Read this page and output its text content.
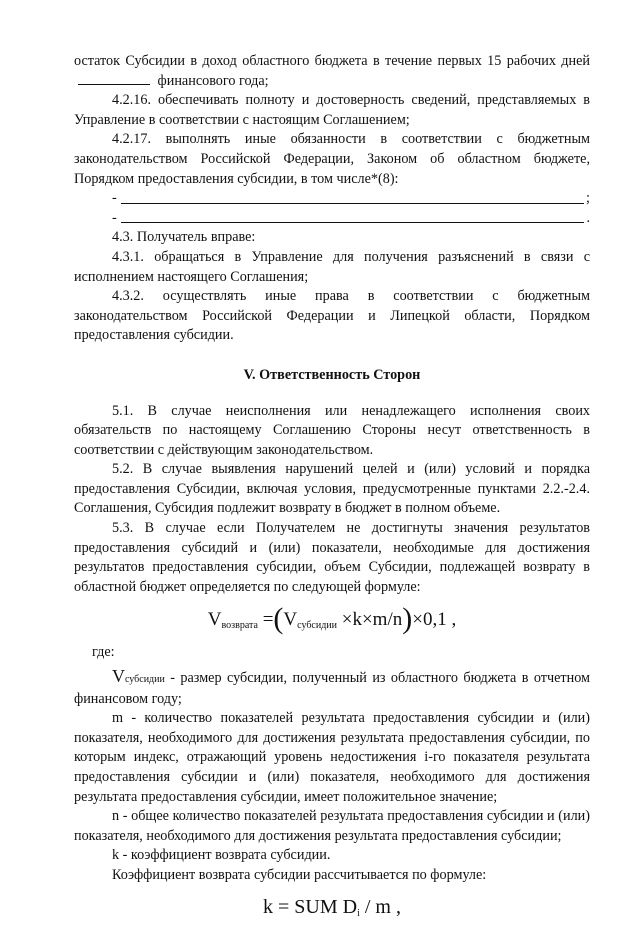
остаток Субсидии в доход областного бюджета в течение первых 15 рабочих дней  финансового года;

4.2.16. обеспечивать полноту и достоверность сведений, представляемых в Управление в соответствии с настоящим Соглашением;

4.2.17. выполнять иные обязанности в соответствии с бюджетным законодательством Российской Федерации, Законом об областном бюджете, Порядком предоставления субсидии, в том числе*(8):

-	;
-	.

4.3. Получатель вправе:

4.3.1. обращаться в Управление для получения разъяснений в связи с исполнением настоящего Соглашения;

4.3.2. осуществлять иные права в соответствии с бюджетным законодательством Российской Федерации и Липецкой области, Порядком предоставления субсидии.

V. Ответственность Сторон

5.1. В случае неисполнения или ненадлежащего исполнения своих обязательств по настоящему Соглашению Стороны несут ответственность в соответствии с действующим законодательством.

5.2. В случае выявления нарушений целей и (или) условий и порядка предоставления Субсидии, включая условия, предусмотренные пунктами 2.2.-2.4. Соглашения, Субсидия подлежит возврату в бюджет в полном объеме.

5.3. В случае если Получателем не достигнуты значения результатов предоставления субсидий и (или) показатели, необходимые для достижения результатов предоставления субсидии, объем Субсидии, подлежащей возврату в областной бюджет определяется по следующей формуле:

$V_{возврата} =(V_{субсидии} \times k\times m/n)\times 0,1$ ,

где:

Vсубсидии - размер субсидии, полученный из областного бюджета в отчетном финансовом году;

m - количество показателей результата предоставления субсидии и (или) показателя, необходимого для достижения результата предоставления субсидии, по которым индекс, отражающий уровень недостижения i-го показателя результата предоставления субсидии и (или) показателя, необходимого для достижения результата предоставления субсидии, имеет положительное значение;

n - общее количество показателей результата предоставления субсидии и (или) показателя, необходимого для достижения результата предоставления субсидии;

k - коэффициент возврата субсидии.

Коэффициент возврата субсидии рассчитывается по формуле:

k = SUM $D_i$ / m ,
